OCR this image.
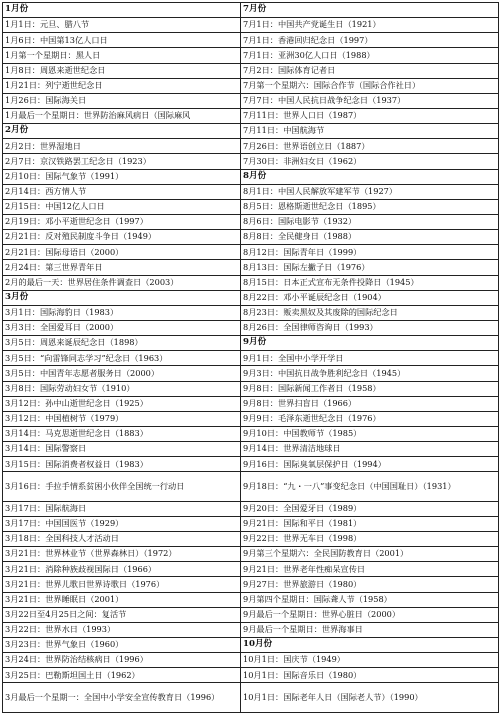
1月份	7月份
1月1日：元旦、腊八节	7月1日：中国共产党诞生日（1921）
1月6日：中国第13亿人口日	7月1日：香港回归纪念日（1997）
1月第一个星期日：黑人日	7月1日：亚洲30亿人口日（1988）
1月8日：周恩来逝世纪念日	7月2日：国际体育记者日
1月21日：列宁逝世纪念日	7月第一个星期六：国际合作节（国际合作社日）
1月26日：国际海关日	7月7日：中国人民抗日战争纪念日（1937）
1月最后一个星期日：世界防治麻风病日（国际麻风	7月11日：世界人口日（1987）
2月份	7月11日：中国航海节
2月2日：世界湿地日	7月26日：世界语创立日（1887）
2月7日：京汉铁路罢工纪念日（1923）	7月30日：非洲妇女日（1962）
2月10日：国际气象节（1991）	8月份
2月14日：西方情人节	8月1日：中国人民解放军建军节（1927）
2月15日：中国12亿人口日	8月5日：恩格斯逝世纪念日（1895）
2月19日：邓小平逝世纪念日（1997）	8月6日：国际电影节（1932）
2月21日：反对殖民制度斗争日（1949）	8月8日：全民健身日（1988）
2月21日：国际母语日（2000）	8月12日：国际青年日（1999）
2月24日：第三世界青年日	8月13日：国际左撇子日（1976）
2月的最后一天：世界居住条件调查日（2003）	8月15日：日本正式宣布无条件投降日（1945）
3月份	8月22日：邓小平诞辰纪念日（1904）
3月1日：国际海豹日（1983）	8月23日：贩卖黑奴及其废除的国际纪念日
3月3日：全国爱耳日（2000）	8月26日：全国律师咨询日（1993）
3月5日：周恩来诞辰纪念日（1898）	9月份
3月5日：“向雷锋同志学习”纪念日（1963）	9月1日：全国中小学开学日
3月5日：中国青年志愿者服务日（2000）	9月3日：中国抗日战争胜利纪念日（1945）
3月8日：国际劳动妇女节（1910）	9月8日：国际新闻工作者日（1958）
3月12日：孙中山逝世纪念日（1925）	9月8日：世界扫盲日（1966）
3月12日：中国植树节（1979）	9月9日：毛泽东逝世纪念日（1976）
3月14日：马克思逝世纪念日（1883）	9月10日：中国教师节（1985）
3月14日：国际警察日	9月14日：世界清洁地球日
3月15日：国际消费者权益日（1983）	9月16日：国际臭氧层保护日（1994）
3月16日：手拉手情系贫困小伙伴全国统一行动日	9月18日：“九・一八”事变纪念日（中国国耻日）（1931）
3月17日：国际航海日	9月20日：全国爱牙日（1989）
3月17日：中国国医节（1929）	9月21日：国际和平日（1981）
3月18日：全国科技人才活动日	9月22日：世界无车日（1998）
3月21日：世界林业节（世界森林日）（1972）	9月第三个星期六：全民国防教育日（2001）
3月21日：消除种族歧视国际日（1966）	9月21日：世界老年性痴呆宣传日
3月21日：世界儿歌日世界诗歌日（1976）	9月27日：世界旅游日（1980）
3月21日：世界睡眠日（2001）	9月第四个星期日：国际聋人节（1958）
3月22日至4月25日之间：复活节	9月最后一个星期日：世界心脏日（2000）
3月22日：世界水日（1993）	9月最后一个星期日：世界海事日
3月23日：世界气象日（1960）	10月份
3月24日：世界防治结核病日（1996）	10月1日：国庆节（1949）
3月25日：巴勒斯坦国土日（1962）	10月1日：国际音乐日（1980）
3月最后一个星期一：全国中小学安全宣传教育日（1996）	10月1日：国际老年人日（国际老人节）（1990）
